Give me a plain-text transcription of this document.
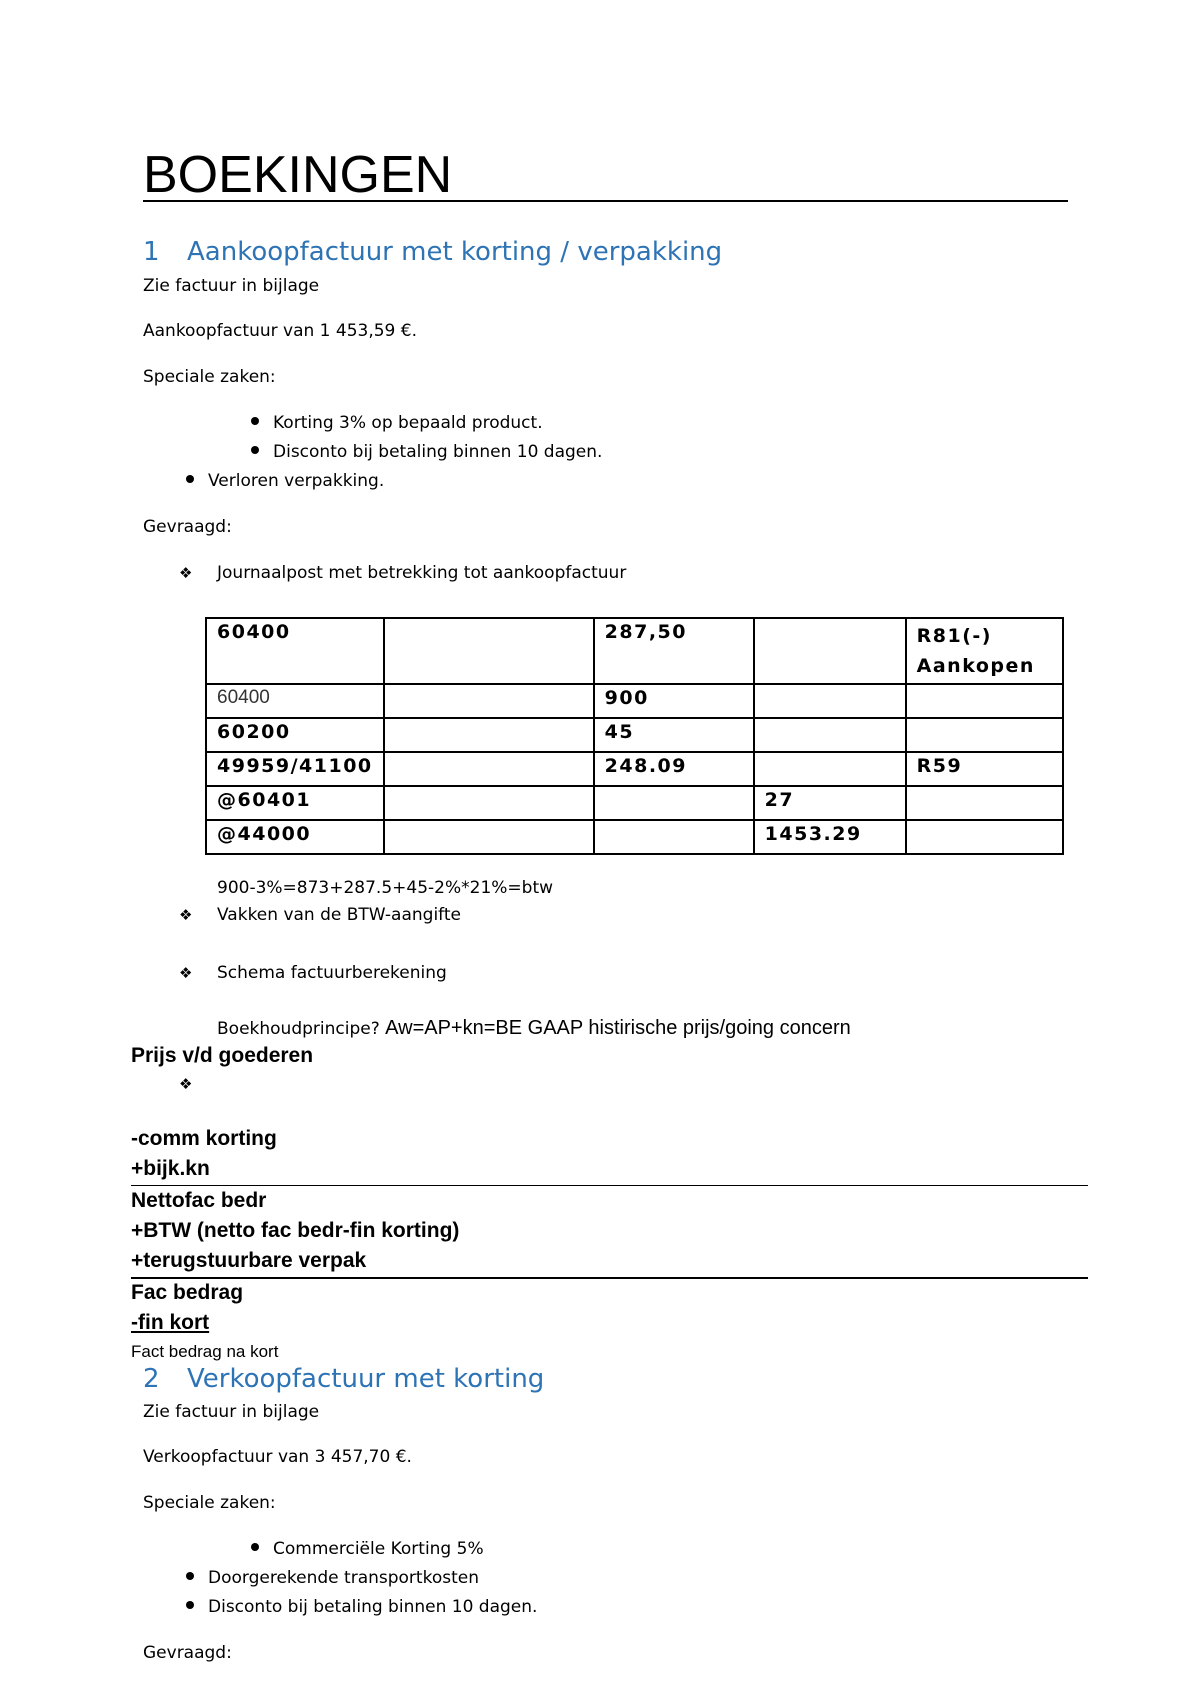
BOEKINGEN
1 Aankoopfactuur met korting / verpakking
Zie factuur in bijlage
Aankoopfactuur van 1 453,59 €.
Speciale zaken:
Korting 3% op bepaald product.
Disconto bij betaling binnen 10 dagen.
Verloren verpakking.
Gevraagd:
❖ Journaalpost met betrekking tot aankoopfactuur
60400		287,50		R81(-)
Aankopen
60400		900		
60200		45		
49959/41100		248.09		R59
@60401			27	
@44000			1453.29	
900-3%=873+287.5+45-2%*21%=btw
❖ Vakken van de BTW-aangifte
❖ Schema factuurberekening
Boekhoudprincipe? Aw=AP+kn=BE GAAP histirische prijs/going concern
Prijs v/d goederen
❖
-comm korting
+bijk.kn
Nettofac bedr
+BTW (netto fac bedr-fin korting)
+terugstuurbare verpak
Fac bedrag
-fin kort
Fact bedrag na kort
2 Verkoopfactuur met korting
Zie factuur in bijlage
Verkoopfactuur van 3 457,70 €.
Speciale zaken:
Commerciële Korting 5%
Doorgerekende transportkosten
Disconto bij betaling binnen 10 dagen.
Gevraagd:
